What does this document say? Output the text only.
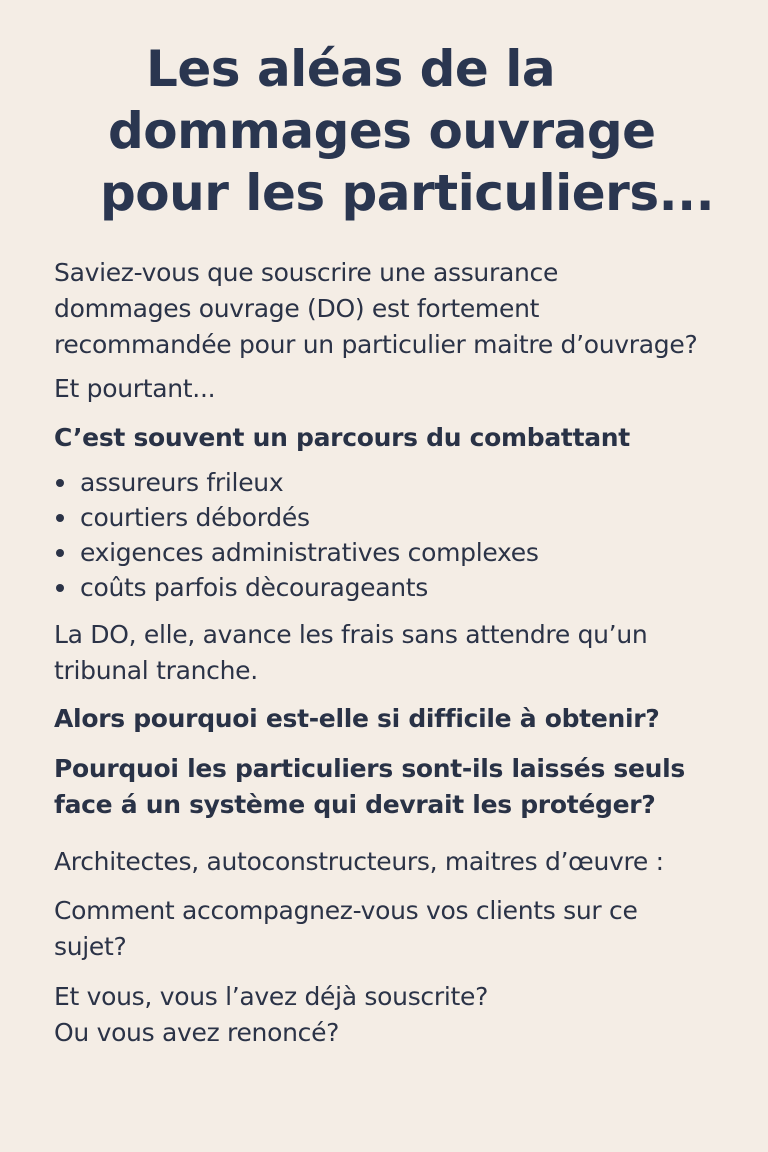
Les aléas de la
dommages ouvrage
pour les particuliers...

Saviez-vous que souscrire une assurance
dommages ouvrage (DO) est fortement
recommandée pour un particulier maitre d’ouvrage?

Et pourtant...

C’est souvent un parcours du combattant

assureurs frileux
courtiers débordés
exigences administratives complexes
coûts parfois dècourageants

La DO, elle, avance les frais sans attendre qu’un
tribunal tranche.

Alors pourquoi est-elle si difficile à obtenir?

Pourquoi les particuliers sont-ils laissés seuls
face á un système qui devrait les protéger?

Architectes, autoconstructeurs, maitres d’œuvre :

Comment accompagnez-vous vos clients sur ce
sujet?

Et vous, vous l’avez déjà souscrite?
Ou vous avez renoncé?
